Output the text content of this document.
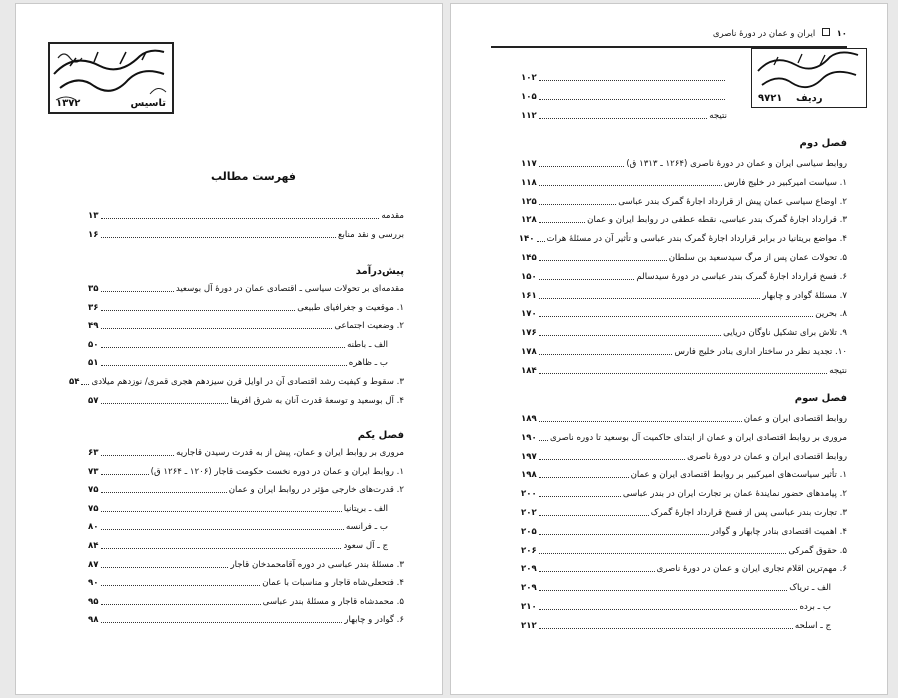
۱۳۷۲	تاسیس
فهرست مطالب
مقدمه
۱۳
بررسی و نقد منابع
۱۶
پیش‌درآمد
مقدمه‌ای بر تحولات سیاسی ـ اقتصادی عمان در دورهٔ آل بوسعید
۳۵
۱. موقعیت و جغرافیای طبیعی
۳۶
۲. وضعیت اجتماعی
۴۹
الف ـ باطنه
۵۰
ب ـ ظاهره
۵۱
۳. سقوط و کیفیت رشد اقتصادی آن در اوایل قرن سیزدهم هجری قمری/ نوزدهم میلادی
۵۴
۴. آل بوسعید و توسعهٔ قدرت آنان به شرق افریقا
۵۷
فصل یکم
مروری بر روابط ایران و عمان، پیش از به قدرت رسیدن قاجاریه
۶۳
۱. روابط ایران و عمان در دوره نخست حکومت قاجار (۱۲۰۶ ـ ۱۲۶۴ ق)
۷۳
۲. قدرت‌های خارجی مؤثر در روابط ایران و عمان
۷۵
الف ـ بریتانیا
۷۵
ب ـ فرانسه
۸۰
ج ـ آل سعود
۸۴
۳. مسئلهٔ بندر عباسی در دوره آقامحمدخان قاجار
۸۷
۴. فتحعلی‌شاه قاجار و مناسبات با عمان
۹۰
۵. محمدشاه قاجار و مسئلهٔ بندر عباسی
۹۵
۶. گوادر و چابهار
۹۸
۱۰  ایران و عمان در دورهٔ ناصری
۹۷۲۱ ردیف
۱۰۲
۱۰۵
نتیجه
۱۱۲
فصل دوم
روابط سیاسی ایران و عمان در دورهٔ ناصری (۱۲۶۴ ـ ۱۳۱۳ ق)
۱۱۷
۱. سیاست امیرکبیر در خلیج فارس
۱۱۸
۲. اوضاع سیاسی عمان پیش از قرارداد اجارهٔ گمرک بندر عباسی
۱۲۵
۳. قرارداد اجارهٔ گمرک بندر عباسی، نقطه عطفی در روابط ایران و عمان
۱۲۸
۴. مواضع بریتانیا در برابر قرارداد اجارهٔ گمرک بندر عباسی و تأثیر آن در مسئلهٔ هرات
۱۴۰
۵. تحولات عمان پس از مرگ سیدسعید بن سلطان
۱۴۵
۶. فسخ قرارداد اجارهٔ گمرک بندر عباسی در دورهٔ سیدسالم
۱۵۰
۷. مسئلهٔ گوادر و چابهار
۱۶۱
۸. بحرین
۱۷۰
۹. تلاش برای تشکیل ناوگان دریایی
۱۷۶
۱۰. تجدید نظر در ساختار اداری بنادر خلیج فارس
۱۷۸
نتیجه
۱۸۴
فصل سوم
روابط اقتصادی ایران و عمان
۱۸۹
مروری بر روابط اقتصادی ایران و عمان از ابتدای حاکمیت آل بوسعید تا دوره ناصری
۱۹۰
روابط اقتصادی ایران و عمان در دورهٔ ناصری
۱۹۷
۱. تأثیر سیاست‌های امیرکبیر بر روابط اقتصادی ایران و عمان
۱۹۸
۲. پیامدهای حضور نمایندهٔ عمان بر تجارت ایران در بندر عباسی
۲۰۰
۳. تجارت بندر عباسی پس از فسخ قرارداد اجارهٔ گمرک
۲۰۲
۴. اهمیت اقتصادی بنادر چابهار و گوادر
۲۰۵
۵. حقوق گمرکی
۲۰۶
۶. مهم‌ترین اقلام تجاری ایران و عمان در دورهٔ ناصری
۲۰۹
الف ـ تریاک
۲۰۹
ب ـ برده
۲۱۰
ج ـ اسلحه
۲۱۲
